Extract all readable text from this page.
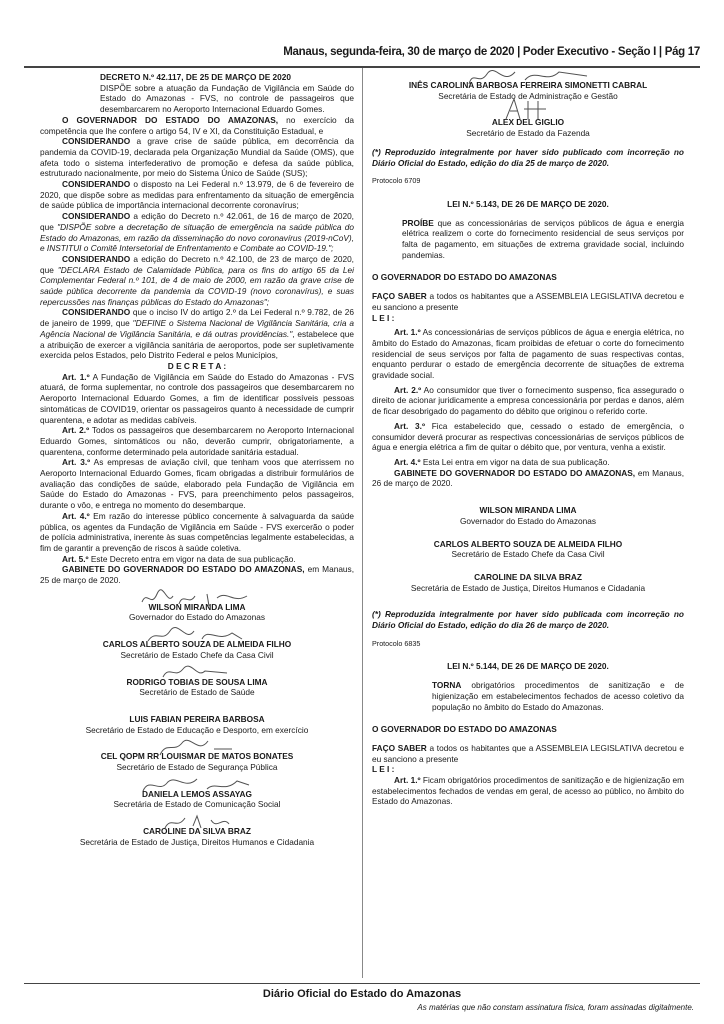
Manaus, segunda-feira, 30 de março de 2020 | Poder Executivo - Seção I | Pág 17

DECRETO N.º 42.117, DE 25 DE MARÇO DE 2020

DISPÕE sobre a atuação da Fundação de Vigilância em Saúde do Estado do Amazonas - FVS, no controle de passageiros que desembarcarem no Aeroporto Internacional Eduardo Gomes.

O GOVERNADOR DO ESTADO DO AMAZONAS, no exercício da competência que lhe confere o artigo 54, IV e XI, da Constituição Estadual, e

CONSIDERANDO a grave crise de saúde pública, em decorrência da pandemia da COVID-19, declarada pela Organização Mundial da Saúde (OMS), que afeta todo o sistema interfederativo de promoção e defesa da saúde pública, estruturado nacionalmente, por meio do Sistema Único de Saúde (SUS);

CONSIDERANDO o disposto na Lei Federal n.º 13.979, de 6 de fevereiro de 2020, que dispõe sobre as medidas para enfrentamento da situação de emergência de saúde pública de importância internacional decorrente coronavírus;

CONSIDERANDO a edição do Decreto n.º 42.061, de 16 de março de 2020, que "DISPÕE sobre a decretação de situação de emergência na saúde pública do Estado do Amazonas, em razão da disseminação do novo coronavírus (2019-nCoV), e INSTITUI o Comitê Intersetorial de Enfrentamento e Combate ao COVID-19.";

CONSIDERANDO a edição do Decreto n.º 42.100, de 23 de março de 2020, que "DECLARA Estado de Calamidade Pública, para os fins do artigo 65 da Lei Complementar Federal n.º 101, de 4 de maio de 2000, em razão da grave crise de saúde pública decorrente da pandemia da COVID-19 (novo coronavírus), e suas repercussões nas finanças públicas do Estado do Amazonas";

CONSIDERANDO que o inciso IV do artigo 2.º da Lei Federal n.º 9.782, de 26 de janeiro de 1999, que "DEFINE o Sistema Nacional de Vigilância Sanitária, cria a Agência Nacional de Vigilância Sanitária, e dá outras providências.", estabelece que a atribuição de exercer a vigilância sanitária de aeroportos, pode ser supletivamente exercida pelos Estados, pelo Distrito Federal e pelos Municípios,

D E C R E T A :

Art. 1.º A Fundação de Vigilância em Saúde do Estado do Amazonas - FVS atuará, de forma suplementar, no controle dos passageiros que desembarcarem no Aeroporto Internacional Eduardo Gomes, a fim de identificar possíveis pessoas sintomáticas de COVID19, orientar os passageiros quanto à necessidade de cumprir quarentena, e adotar as medidas cabíveis.

Art. 2.º Todos os passageiros que desembarcarem no Aeroporto Internacional Eduardo Gomes, sintomáticos ou não, deverão cumprir, obrigatoriamente, a quarentena, conforme determinado pela autoridade sanitária estadual.

Art. 3.º As empresas de aviação civil, que tenham voos que aterrissem no Aeroporto Internacional Eduardo Gomes, ficam obrigadas a distribuir formulários de avaliação das condições de saúde, elaborado pela Fundação de Vigilância em Saúde do Estado do Amazonas - FVS, para preenchimento pelos passageiros, durante o vôo, e entrega no momento do desembarque.

Art. 4.º Em razão do interesse público concernente à salvaguarda da saúde pública, os agentes da Fundação de Vigilância em Saúde - FVS exercerão o poder de polícia administrativa, inerente às suas competências legalmente estabelecidas, a fim de garantir a prevenção de riscos à saúde coletiva.

Art. 5.º Este Decreto entra em vigor na data de sua publicação.

GABINETE DO GOVERNADOR DO ESTADO DO AMAZONAS, em Manaus, 25 de março de 2020.

WILSON MIRANDA LIMA

Governador do Estado do Amazonas

CARLOS ALBERTO SOUZA DE ALMEIDA FILHO

Secretário de Estado Chefe da Casa Civil

RODRIGO TOBIAS DE SOUSA LIMA

Secretário de Estado de Saúde

LUIS FABIAN PEREIRA BARBOSA

Secretário de Estado de Educação e Desporto, em exercício

CEL QOPM RR LOUISMAR DE MATOS BONATES

Secretário de Estado de Segurança Pública

DANIELA LEMOS ASSAYAG

Secretária de Estado de Comunicação Social

CAROLINE DA SILVA BRAZ

Secretária de Estado de Justiça, Direitos Humanos e Cidadania

INÊS CAROLINA BARBOSA FERREIRA SIMONETTI CABRAL

Secretária de Estado de Administração e Gestão

ALEX DEL GIGLIO

Secretário de Estado da Fazenda

(*) Reproduzido integralmente por haver sido publicado com incorreção no Diário Oficial do Estado, edição do dia 25 de março de 2020.

Protocolo 6709

LEI N.º 5.143, DE 26 DE MARÇO DE 2020.

PROÍBE que as concessionárias de serviços públicos de água e energia elétrica realizem o corte do fornecimento residencial de seus serviços por falta de pagamento, em situações de extrema gravidade social, incluindo pandemias.

O GOVERNADOR DO ESTADO DO AMAZONAS

FAÇO SABER a todos os habitantes que a ASSEMBLEIA LEGISLATIVA decretou e eu sanciono a presente

L E I :

Art. 1.º As concessionárias de serviços públicos de água e energia elétrica, no âmbito do Estado do Amazonas, ficam proibidas de efetuar o corte do fornecimento residencial de seus serviços por falta de pagamento de suas respectivas contas, enquanto perdurar o estado de emergência decorrente de situações de extrema gravidade social.

Art. 2.º Ao consumidor que tiver o fornecimento suspenso, fica assegurado o direito de acionar juridicamente a empresa concessionária por perdas e danos, além de ficar desobrigado do pagamento do débito que originou o referido corte.

Art. 3.º Fica estabelecido que, cessado o estado de emergência, o consumidor deverá procurar as respectivas concessionárias de serviços públicos de água e energia elétrica a fim de quitar o débito que, por ventura, venha a existir.

Art. 4.º Esta Lei entra em vigor na data de sua publicação.

GABINETE DO GOVERNADOR DO ESTADO DO AMAZONAS, em Manaus, 26 de março de 2020.

WILSON MIRANDA LIMA

Governador do Estado do Amazonas

CARLOS ALBERTO SOUZA DE ALMEIDA FILHO

Secretário de Estado Chefe da Casa Civil

CAROLINE DA SILVA BRAZ

Secretária de Estado de Justiça, Direitos Humanos e Cidadania

(*) Reproduzida integralmente por haver sido publicada com incorreção no Diário Oficial do Estado, edição do dia 26 de março de 2020.

Protocolo 6835

LEI N.º 5.144, DE 26 DE MARÇO DE 2020.

TORNA obrigatórios procedimentos de sanitização e de higienização em estabelecimentos fechados de acesso coletivo da população no âmbito do Estado do Amazonas.

O GOVERNADOR DO ESTADO DO AMAZONAS

FAÇO SABER a todos os habitantes que a ASSEMBLEIA LEGISLATIVA decretou e eu sanciono a presente

L E I :

Art. 1.º Ficam obrigatórios procedimentos de sanitização e de higienização em estabelecimentos fechados de vendas em geral, de acesso ao público, no âmbito do Estado do Amazonas.

Diário Oficial do Estado do Amazonas
As matérias que não constam assinatura física, foram assinadas digitalmente.
